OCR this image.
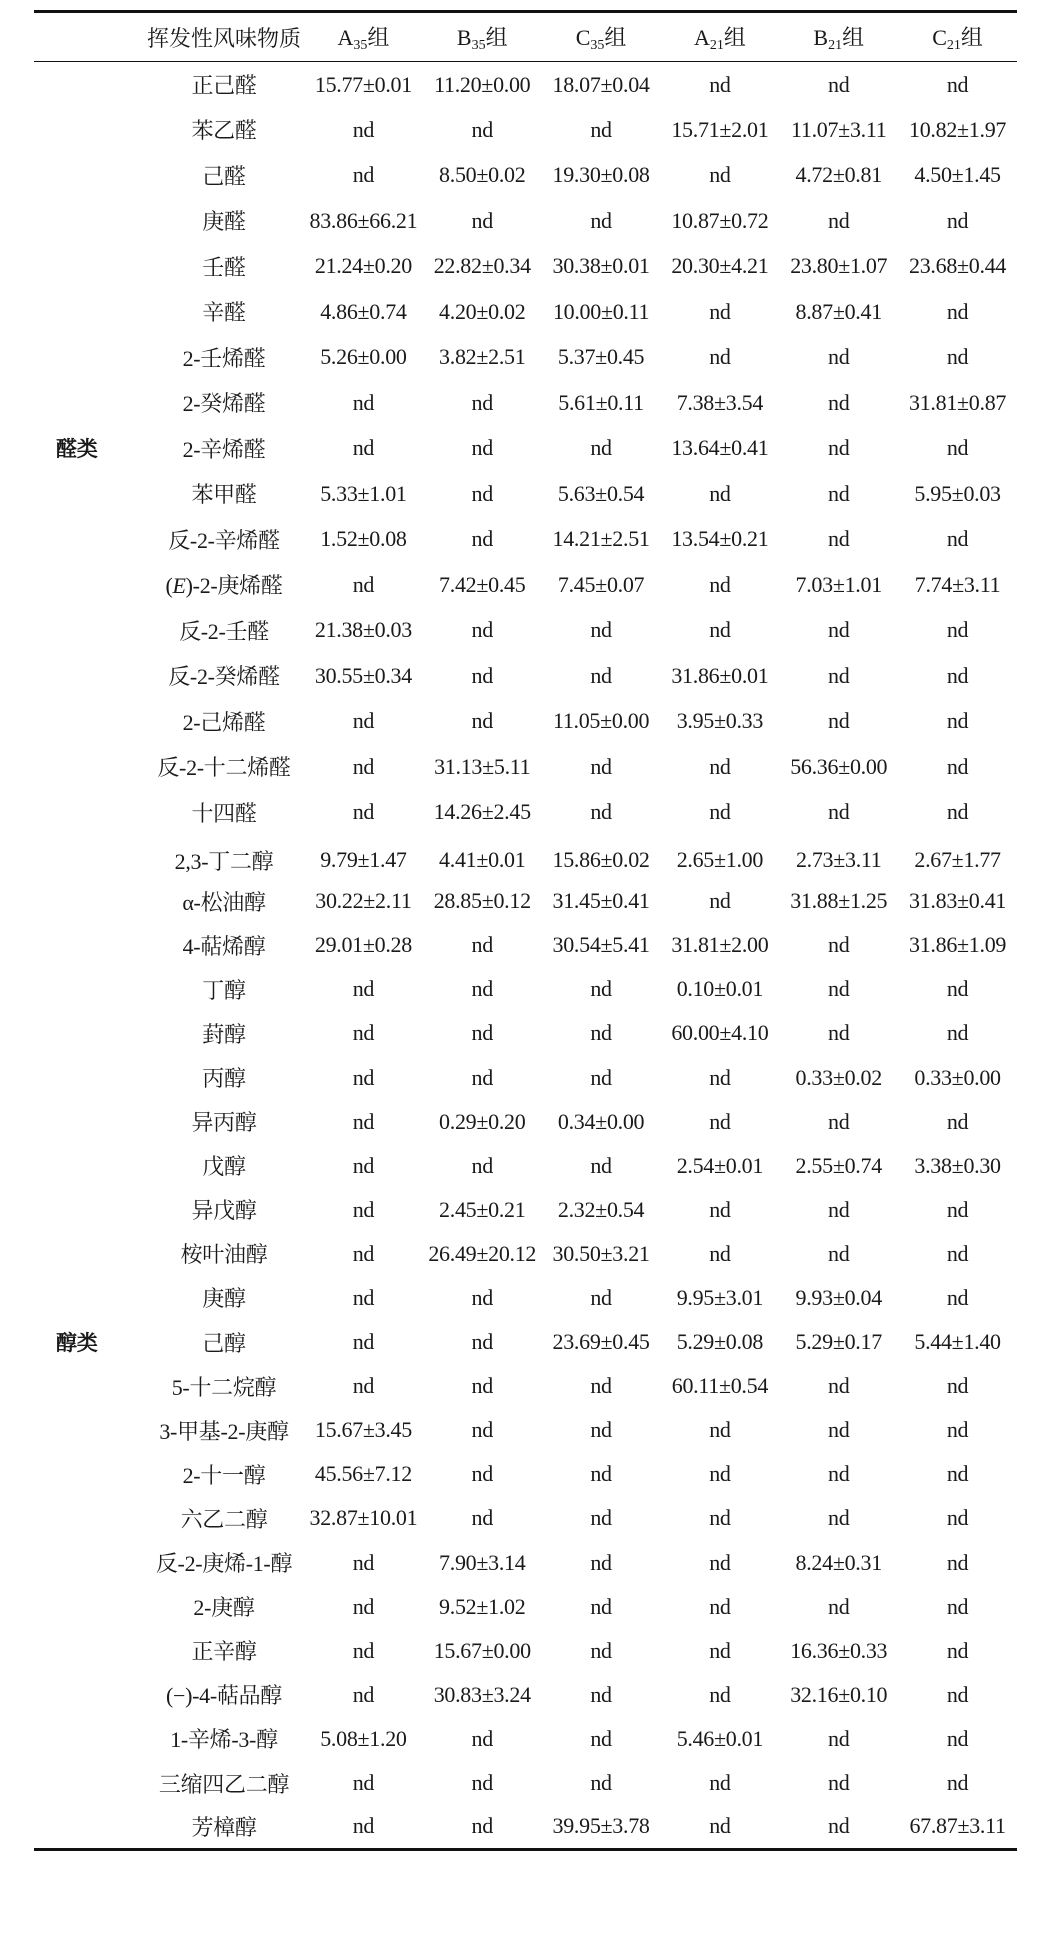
	挥发性风味物质	$A_{35}$组	$B_{35}$组	$C_{35}$组	$A_{21}$组	$B_{21}$组	$C_{21}$组
	正己醛	15.77±0.01	11.20±0.00	18.07±0.04	nd	nd	nd
	苯乙醛	nd	nd	nd	15.71±2.01	11.07±3.11	10.82±1.97
	己醛	nd	8.50±0.02	19.30±0.08	nd	4.72±0.81	4.50±1.45
	庚醛	83.86±66.21	nd	nd	10.87±0.72	nd	nd
	壬醛	21.24±0.20	22.82±0.34	30.38±0.01	20.30±4.21	23.80±1.07	23.68±0.44
	辛醛	4.86±0.74	4.20±0.02	10.00±0.11	nd	8.87±0.41	nd
	2-壬烯醛	5.26±0.00	3.82±2.51	5.37±0.45	nd	nd	nd
	2-癸烯醛	nd	nd	5.61±0.11	7.38±3.54	nd	31.81±0.87
醛类	2-辛烯醛	nd	nd	nd	13.64±0.41	nd	nd
	苯甲醛	5.33±1.01	nd	5.63±0.54	nd	nd	5.95±0.03
	反-2-辛烯醛	1.52±0.08	nd	14.21±2.51	13.54±0.21	nd	nd
	(E)-2-庚烯醛	nd	7.42±0.45	7.45±0.07	nd	7.03±1.01	7.74±3.11
	反-2-壬醛	21.38±0.03	nd	nd	nd	nd	nd
	反-2-癸烯醛	30.55±0.34	nd	nd	31.86±0.01	nd	nd
	2-己烯醛	nd	nd	11.05±0.00	3.95±0.33	nd	nd
	反-2-十二烯醛	nd	31.13±5.11	nd	nd	56.36±0.00	nd
	十四醛	nd	14.26±2.45	nd	nd	nd	nd
	2,3-丁二醇	9.79±1.47	4.41±0.01	15.86±0.02	2.65±1.00	2.73±3.11	2.67±1.77
	α-松油醇	30.22±2.11	28.85±0.12	31.45±0.41	nd	31.88±1.25	31.83±0.41
	4-萜烯醇	29.01±0.28	nd	30.54±5.41	31.81±2.00	nd	31.86±1.09
	丁醇	nd	nd	nd	0.10±0.01	nd	nd
	葑醇	nd	nd	nd	60.00±4.10	nd	nd
	丙醇	nd	nd	nd	nd	0.33±0.02	0.33±0.00
	异丙醇	nd	0.29±0.20	0.34±0.00	nd	nd	nd
	戊醇	nd	nd	nd	2.54±0.01	2.55±0.74	3.38±0.30
	异戊醇	nd	2.45±0.21	2.32±0.54	nd	nd	nd
	桉叶油醇	nd	26.49±20.12	30.50±3.21	nd	nd	nd
	庚醇	nd	nd	nd	9.95±3.01	9.93±0.04	nd
醇类	己醇	nd	nd	23.69±0.45	5.29±0.08	5.29±0.17	5.44±1.40
	5-十二烷醇	nd	nd	nd	60.11±0.54	nd	nd
	3-甲基-2-庚醇	15.67±3.45	nd	nd	nd	nd	nd
	2-十一醇	45.56±7.12	nd	nd	nd	nd	nd
	六乙二醇	32.87±10.01	nd	nd	nd	nd	nd
	反-2-庚烯-1-醇	nd	7.90±3.14	nd	nd	8.24±0.31	nd
	2-庚醇	nd	9.52±1.02	nd	nd	nd	nd
	正辛醇	nd	15.67±0.00	nd	nd	16.36±0.33	nd
	(−)-4-萜品醇	nd	30.83±3.24	nd	nd	32.16±0.10	nd
	1-辛烯-3-醇	5.08±1.20	nd	nd	5.46±0.01	nd	nd
	三缩四乙二醇	nd	nd	nd	nd	nd	nd
	芳樟醇	nd	nd	39.95±3.78	nd	nd	67.87±3.11
